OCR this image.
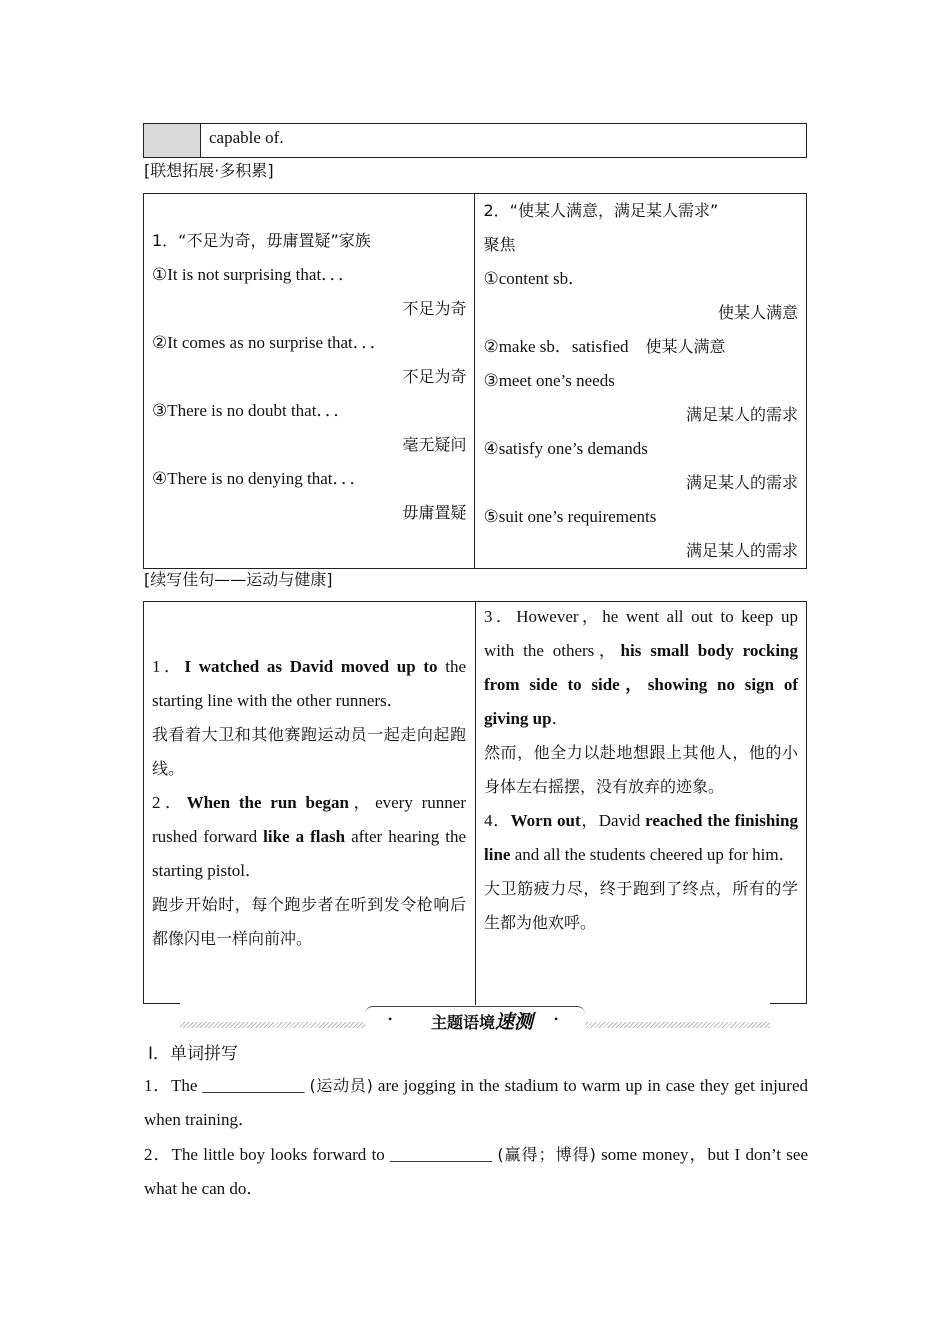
	capable of.
[联想拓展·多积累]
1．“不足为奇，毋庸置疑”家族
①It is not surprising that．．．
不足为奇
②It comes as no surprise that．．．
不足为奇
③There is no doubt that．．．
毫无疑问
④There is no denying that．．．
毋庸置疑

2．“使某人满意，满足某人需求”
聚焦
①content sb．
使某人满意
②make sb．satisfied 使某人满意
③meet one’s needs
满足某人的需求
④satisfy one’s demands
满足某人的需求
⑤suit one’s requirements
满足某人的需求
[续写佳句——运动与健康]
1．I watched as David moved up to the starting line with the other runners．
我看着大卫和其他赛跑运动员一起走向起跑线。
2．When the run began，every runner rushed forward like a flash after hearing the starting pistol．
跑步开始时，每个跑步者在听到发令枪响后都像闪电一样向前冲。
3．However，he went all out to keep up with the others，his small body rocking from side to side，showing no sign of giving up．
然而，他全力以赴地想跟上其他人，他的小身体左右摇摆，没有放弃的迹象。
4．Worn out，David reached the finishing line and all the students cheered up for him．
大卫筋疲力尽，终于跑到了终点，所有的学生都为他欢呼。
•	•
主题语境速测
Ⅰ．单词拼写
1．The ____________ (运动员) are jogging in the stadium to warm up in case they get injured when training．
2．The little boy looks forward to ____________ (赢得；博得) some money，but I don’t see what he can do．
